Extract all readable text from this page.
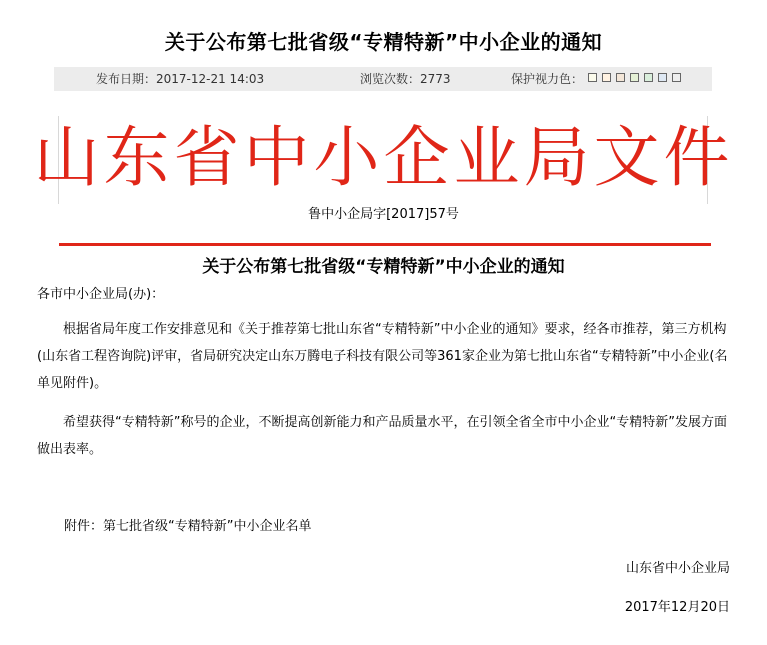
关于公布第七批省级“专精特新”中小企业的通知
发布日期：2017-12-21 14:03	浏览次数：2773	保护视力色：
山东省中小企业局文件
鲁中小企局字[2017]57号
关于公布第七批省级“专精特新”中小企业的通知
各市中小企业局(办)：

根据省局年度工作安排意见和《关于推荐第七批山东省“专精特新”中小企业的通知》要求，经各市推荐，第三方机构(山东省工程咨询院)评审，省局研究决定山东万腾电子科技有限公司等361家企业为第七批山东省“专精特新”中小企业(名单见附件)。

希望获得“专精特新”称号的企业，不断提高创新能力和产品质量水平，在引领全省全市中小企业“专精特新”发展方面做出表率。

附件：第七批省级“专精特新”中小企业名单
山东省中小企业局
2017年12月20日
